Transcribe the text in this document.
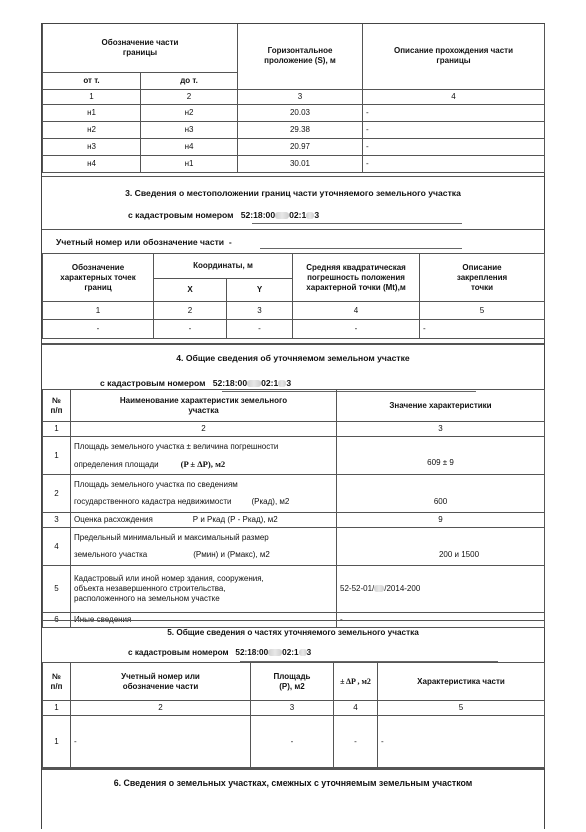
Обозначение части
границы		Горизонтальное
проложение (S), м	Описание прохождения части
границы
от т.	до т.		
1	2	3	4
н1	н2	20.03	-
н2	н3	29.38	-
н3	н4	20.97	-
н4	н1	30.01	-
3. Сведения о местоположении границ части уточняемого земельного участка
с кадастровым номером 52:18:00 02:1 3
Учетный номер или обозначение части -
Обозначение
характерных точек
границ	Координаты, м		Средняя квадратическая
погрешность положения
характерной точки (Mt),м	Описание
закрепления
точки
	X	Y		
1	2	3	4	5
-	-	-	-	-
4. Общие сведения об уточняемом земельном участке
с кадастровым номером 52:18:00 02:1 3
№
п/п	Наименование характеристик земельного
участка	Значение характеристики
1	2	3
1	Площадь земельного участка ± величина погрешности
определения площади (P ± ΔP), м2	609 ± 9
2	Площадь земельного участка по сведениям
государственного кадастра недвижимости (Ркад), м2	600
3	Оценка расхождения Р и Ркад (Р - Ркад), м2	9
4	Предельный минимальный и максимальный размер
земельного участка (Рмин) и (Рмакс), м2	200 и 1500
5	Кадастровый или иной номер здания, сооружения,
объекта незавершенного строительства,
расположенного на земельном участке	52-52-01/ /2014-200
6	Иные сведения	-
5. Общие сведения о частях уточняемого земельного участка
с кадастровым номером 52:18:00 02:1 3
№
п/п	Учетный номер или
обозначение части	Площадь
(Р), м2	± ΔP , м2	Характеристика части
1	2	3	4	5
1	-	-	-	-
6. Сведения о земельных участках, смежных с уточняемым земельным участком
